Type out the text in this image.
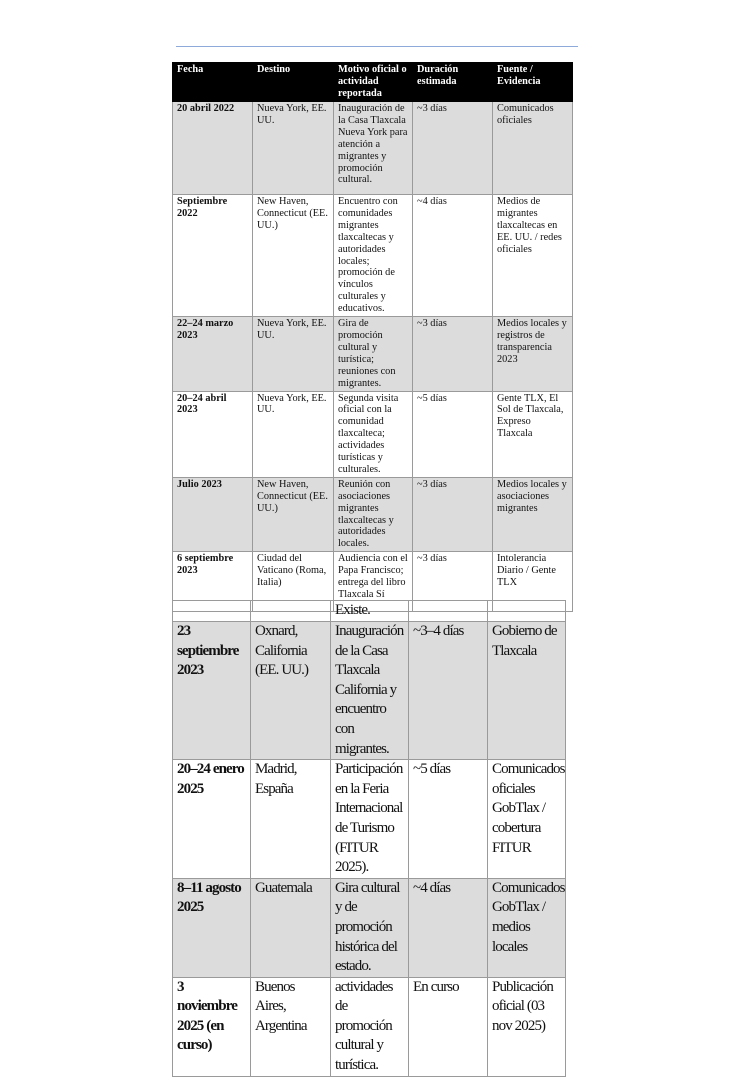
Fecha	Destino	Motivo oficial o actividad reportada	Duración estimada	Fuente / Evidencia
20 abril 2022	Nueva York, EE. UU.	Inauguración de la Casa Tlaxcala Nueva York para atención a migrantes y promoción cultural.	~3 días	Comunicados oficiales
Septiembre 2022	New Haven, Connecticut (EE. UU.)	Encuentro con comunidades migrantes tlaxcaltecas y autoridades locales; promoción de vínculos culturales y educativos.	~4 días	Medios de migrantes tlaxcaltecas en EE. UU. / redes oficiales
22–24 marzo 2023	Nueva York, EE. UU.	Gira de promoción cultural y turística; reuniones con migrantes.	~3 días	Medios locales y registros de transparencia 2023
20–24 abril 2023	Nueva York, EE. UU.	Segunda visita oficial con la comunidad tlaxcalteca; actividades turísticas y culturales.	~5 días	Gente TLX, El Sol de Tlaxcala, Expreso Tlaxcala
Julio 2023	New Haven, Connecticut (EE. UU.)	Reunión con asociaciones migrantes tlaxcaltecas y autoridades locales.	~3 días	Medios locales y asociaciones migrantes
6 septiembre 2023	Ciudad del Vaticano (Roma, Italia)	Audiencia con el Papa Francisco; entrega del libro Tlaxcala Sí	~3 días	Intolerancia Diario / Gente TLX
		Existe.		
23 septiembre 2023	Oxnard, California (EE. UU.)	Inauguración de la Casa Tlaxcala California y encuentro con migrantes.	~3–4 días	Gobierno de Tlaxcala
20–24 enero 2025	Madrid, España	Participación en la Feria Internacional de Turismo (FITUR 2025).	~5 días	Comunicados oficiales GobTlax / cobertura FITUR
8–11 agosto 2025	Guatemala	Gira cultural y de promoción histórica del estado.	~4 días	Comunicados GobTlax / medios locales
3 noviembre 2025 (en curso)	Buenos Aires, Argentina	actividades de promoción cultural y turística.	En curso	Publicación oficial (03 nov 2025)
